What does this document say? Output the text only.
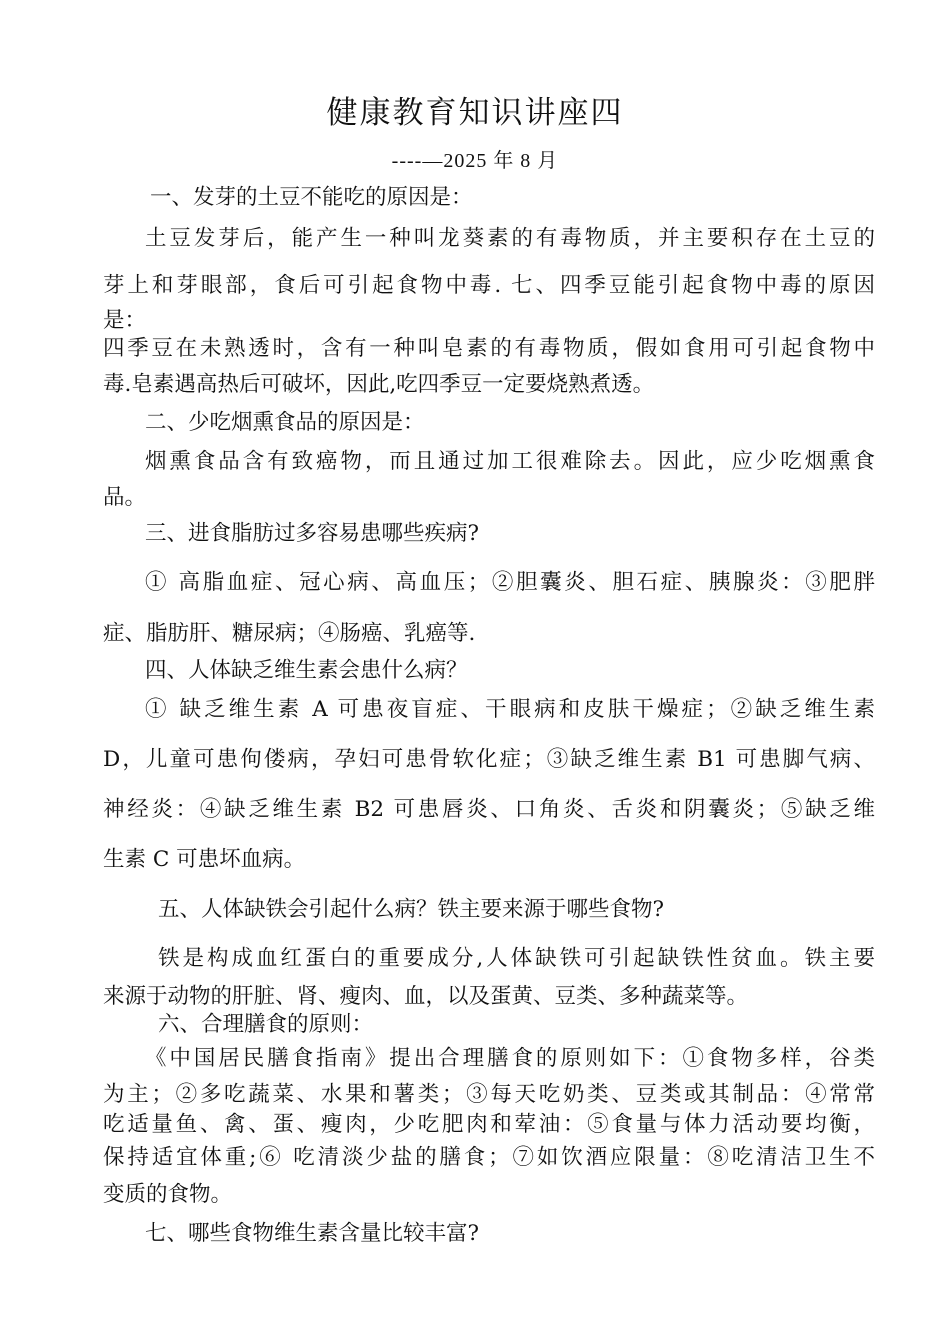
健康教育知识讲座四
----—2025 年 8 月
一、发芽的土豆不能吃的原因是：
土豆发芽后，能产生一种叫龙葵素的有毒物质，并主要积存在土豆的
芽上和芽眼部，食后可引起食物中毒. 七、四季豆能引起食物中毒的原因
是：
四季豆在未熟透时，含有一种叫皂素的有毒物质，假如食用可引起食物中
毒.皂素遇高热后可破坏，因此,吃四季豆一定要烧熟煮透。
二、少吃烟熏食品的原因是：
烟熏食品含有致癌物，而且通过加工很难除去。因此，应少吃烟熏食
品。
三、进食脂肪过多容易患哪些疾病?
① 高脂血症、冠心病、高血压；②胆囊炎、胆石症、胰腺炎：③肥胖
症、脂肪肝、糖尿病；④肠癌、乳癌等.
四、人体缺乏维生素会患什么病？
① 缺乏维生素 A 可患夜盲症、干眼病和皮肤干燥症；②缺乏维生素
D，儿童可患佝偻病，孕妇可患骨软化症；③缺乏维生素 B1 可患脚气病、
神经炎：④缺乏维生素 B2 可患唇炎、口角炎、舌炎和阴囊炎；⑤缺乏维
生素 C 可患坏血病。
五、人体缺铁会引起什么病？铁主要来源于哪些食物?
铁是构成血红蛋白的重要成分,人体缺铁可引起缺铁性贫血。铁主要
来源于动物的肝脏、肾、瘦肉、血，以及蛋黄、豆类、多种蔬菜等。
六、合理膳食的原则：
《中国居民膳食指南》提出合理膳食的原则如下：①食物多样，谷类
为主；②多吃蔬菜、水果和薯类；③每天吃奶类、豆类或其制品：④常常
吃适量鱼、禽、蛋、瘦肉，少吃肥肉和荤油：⑤食量与体力活动要均衡，
保持适宜体重;⑥ 吃清淡少盐的膳食；⑦如饮酒应限量：⑧吃清洁卫生不
变质的食物。
七、哪些食物维生素含量比较丰富?
